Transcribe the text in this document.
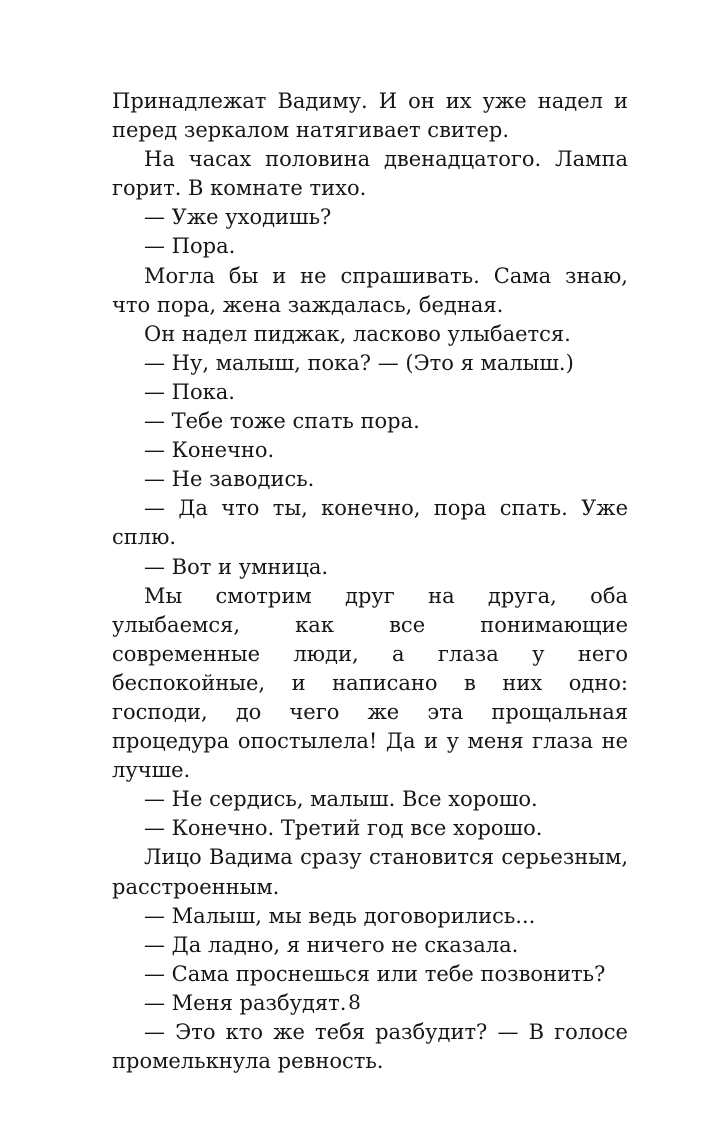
Принадлежат Вадиму. И он их уже надел и перед зеркалом натягивает свитер.

На часах половина двенадцатого. Лампа горит. В комнате тихо.

— Уже уходишь?

— Пора.

Могла бы и не спрашивать. Сама знаю, что пора, жена заждалась, бедная.

Он надел пиджак, ласково улыбается.

— Ну, малыш, пока? — (Это я малыш.)

— Пока.

— Тебе тоже спать пора.

— Конечно.

— Не заводись.

— Да что ты, конечно, пора спать. Уже сплю.

— Вот и умница.

Мы смотрим друг на друга, оба улыбаемся, как все понимающие современные люди, а глаза у него беспокойные, и написано в них одно: господи, до чего же эта прощальная процедура опостылела! Да и у меня глаза не лучше.

— Не сердись, малыш. Все хорошо.

— Конечно. Третий год все хорошо.

Лицо Вадима сразу становится серьезным, расстроенным.

— Малыш, мы ведь договорились...

— Да ладно, я ничего не сказала.

— Сама проснешься или тебе позвонить?

— Меня разбудят.

— Это кто же тебя разбудит? — В голосе промелькнула ревность.

8
